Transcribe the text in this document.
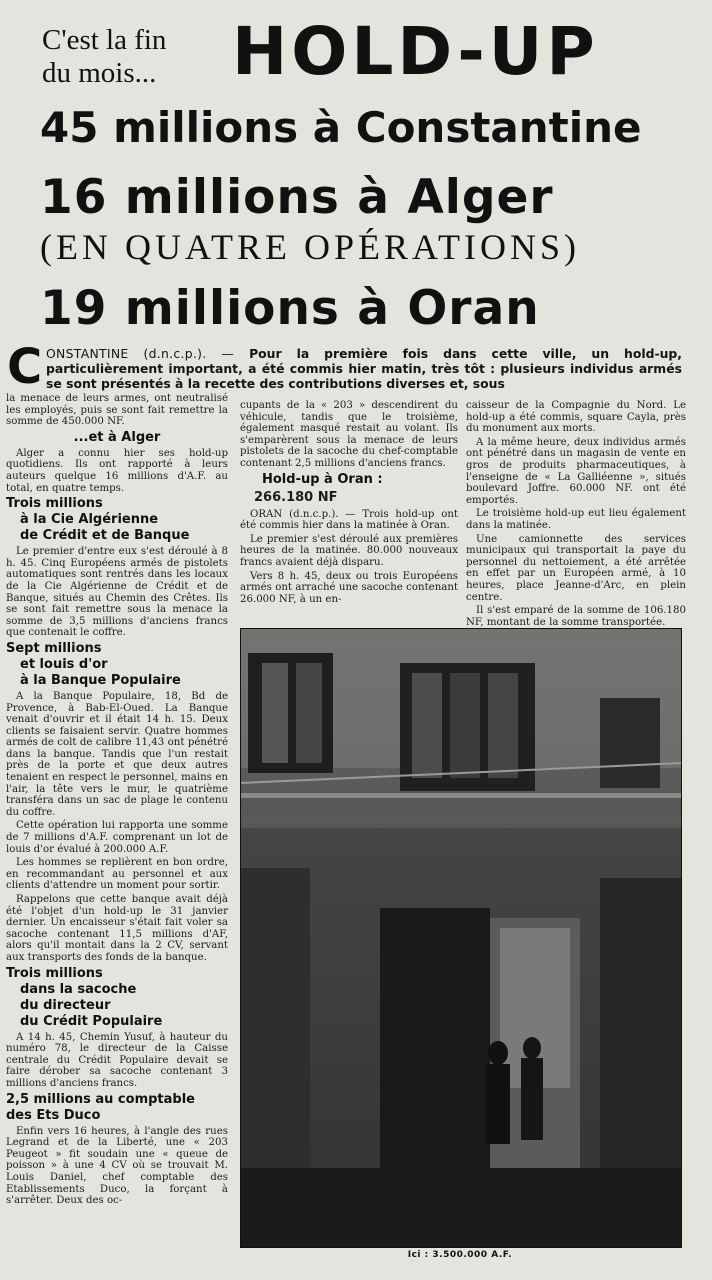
C'est la fin
du mois...	HOLD-UP
45 millions à Constantine
16 millions à Alger
(EN QUATRE OPÉRATIONS)
19 millions à Oran
C ONSTANTINE (d.n.c.p.). — Pour la première fois dans cette ville, un hold-up, particulièrement important, a été commis hier matin, très tôt : plusieurs individus armés se sont présentés à la recette des contributions diverses et, sous

la menace de leurs armes, ont neutralisé les employés, puis se sont fait remettre la somme de 450.000 NF.

...et à Alger

Alger a connu hier ses hold-up quotidiens. Ils ont rapporté à leurs auteurs quelque 16 millions d'A.F. au total, en quatre temps.

Trois millions
à la Cie Algérienne
de Crédit et de Banque

Le premier d'entre eux s'est déroulé à 8 h. 45. Cinq Européens armés de pistolets automatiques sont rentrés dans les locaux de la Cie Algérienne de Crédit et de Banque, situés au Chemin des Crêtes. Ils se sont fait remettre sous la menace la somme de 3,5 millions d'anciens francs que contenait le coffre.

Sept millions
et louis d'or
à la Banque Populaire

A la Banque Populaire, 18, Bd de Provence, à Bab-El-Oued. La Banque venait d'ouvrir et il était 14 h. 15. Deux clients se faisaient servir. Quatre hommes armés de colt de calibre 11,43 ont pénétré dans la banque. Tandis que l'un restait près de la porte et que deux autres tenaient en respect le personnel, mains en l'air, la tête vers le mur, le quatrième transféra dans un sac de plage le contenu du coffre.

Cette opération lui rapporta une somme de 7 millions d'A.F. comprenant un lot de louis d'or évalué à 200.000 A.F.

Les hommes se replièrent en bon ordre, en recommandant au personnel et aux clients d'attendre un moment pour sortir.

Rappelons que cette banque avait déjà été l'objet d'un hold-up le 31 janvier dernier. Un encaisseur s'était fait voler sa sacoche contenant 11,5 millions d'AF, alors qu'il montait dans la 2 CV, servant aux transports des fonds de la banque.

Trois millions
dans la sacoche
du directeur
du Crédit Populaire

A 14 h. 45, Chemin Yusuf, à hauteur du numéro 78, le directeur de la Caisse centrale du Crédit Populaire devait se faire dérober sa sacoche contenant 3 millions d'anciens francs.

2,5 millions au comptable
des Ets Duco

Enfin vers 16 heures, à l'angle des rues Legrand et de la Liberté, une « 203 Peugeot » fit soudain une « queue de poisson » à une 4 CV où se trouvait M. Louis Daniel, chef comptable des Etablissements Duco, la forçant à s'arrêter. Deux des oc-

cupants de la « 203 » descendirent du véhicule, tandis que le troisième, également masqué restait au volant. Ils s'emparèrent sous la menace de leurs pistolets de la sacoche du chef-comptable contenant 2,5 millions d'anciens francs.

Hold-up à Oran :
266.180 NF

ORAN (d.n.c.p.). — Trois hold-up ont été commis hier dans la matinée à Oran.

Le premier s'est déroulé aux premières heures de la matinée. 80.000 nouveaux francs avaient déjà disparu.

Vers 8 h. 45, deux ou trois Européens armés ont arraché une sacoche contenant 26.000 NF, à un en-

caisseur de la Compagnie du Nord. Le hold-up a été commis, square Cayla, près du monument aux morts.

A la même heure, deux individus armés ont pénétré dans un magasin de vente en gros de produits pharmaceutiques, à l'enseigne de « La Galliéenne », situés boulevard Joffre. 60.000 NF. ont été emportés.

Le troisième hold-up eut lieu également dans la matinée.

Une camionnette des services municipaux qui transportait la paye du personnel du nettoiement, a été arrêtée en effet par un Européen armé, à 10 heures, place Jeanne-d'Arc, en plein centre.

Il s'est emparé de la somme de 106.180 NF, montant de la somme transportée.

Ici : 3.500.000 A.F.
